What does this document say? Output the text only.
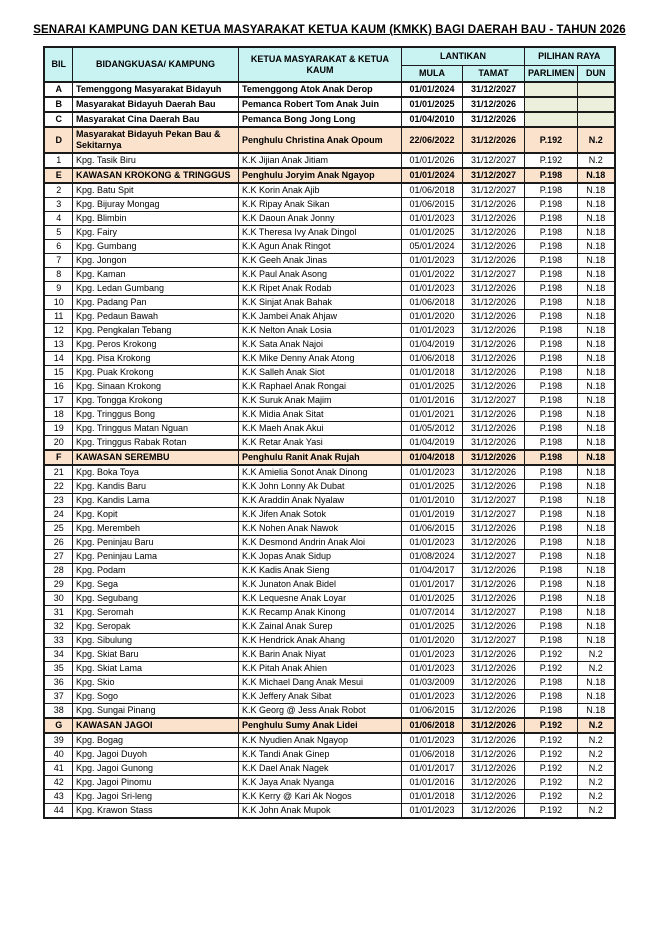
SENARAI KAMPUNG DAN KETUA MASYARAKAT KETUA KAUM (KMKK) BAGI DAERAH BAU - TAHUN 2026
BIL	BIDANGKUASA/ KAMPUNG	KETUA MASYARAKAT & KETUA KAUM	LANTIKAN		PILIHAN RAYA	
			MULA	TAMAT	PARLIMEN	DUN
A	Temenggong Masyarakat Bidayuh	Temenggong Atok Anak Derop	01/01/2024	31/12/2027		
B	Masyarakat Bidayuh Daerah Bau	Pemanca Robert Tom Anak Juin	01/01/2025	31/12/2026		
C	Masyarakat Cina Daerah Bau	Pemanca Bong Jong Long	01/04/2010	31/12/2026		
D	Masyarakat Bidayuh Pekan Bau & Sekitarnya	Penghulu Christina Anak Opoum	22/06/2022	31/12/2026	P.192	N.2
1	Kpg. Tasik Biru	K.K Jijian Anak Jitiam	01/01/2026	31/12/2027	P.192	N.2
E	KAWASAN KROKONG & TRINGGUS	Penghulu Joryim Anak Ngayop	01/01/2024	31/12/2027	P.198	N.18
2	Kpg. Batu Spit	K.K Korin Anak Ajib	01/06/2018	31/12/2027	P.198	N.18
3	Kpg. Bijuray Mongag	K.K Ripay Anak Sikan	01/06/2015	31/12/2026	P.198	N.18
4	Kpg. Blimbin	K.K Daoun Anak Jonny	01/01/2023	31/12/2026	P.198	N.18
5	Kpg. Fairy	K.K Theresa Ivy Anak Dingol	01/01/2025	31/12/2026	P.198	N.18
6	Kpg. Gumbang	K.K Agun Anak Ringot	05/01/2024	31/12/2026	P.198	N.18
7	Kpg. Jongon	K.K Geeh Anak Jinas	01/01/2023	31/12/2026	P.198	N.18
8	Kpg. Kaman	K.K Paul Anak Asong	01/01/2022	31/12/2027	P.198	N.18
9	Kpg. Ledan Gumbang	K.K Ripet Anak Rodab	01/01/2023	31/12/2026	P.198	N.18
10	Kpg. Padang Pan	K.K Sinjat Anak Bahak	01/06/2018	31/12/2026	P.198	N.18
11	Kpg. Pedaun Bawah	K.K Jambei Anak Ahjaw	01/01/2020	31/12/2026	P.198	N.18
12	Kpg. Pengkalan Tebang	K.K Nelton Anak Losia	01/01/2023	31/12/2026	P.198	N.18
13	Kpg. Peros Krokong	K.K Sata Anak Najoi	01/04/2019	31/12/2026	P.198	N.18
14	Kpg. Pisa Krokong	K.K Mike Denny Anak Atong	01/06/2018	31/12/2026	P.198	N.18
15	Kpg. Puak Krokong	K.K Salleh Anak Siot	01/01/2018	31/12/2026	P.198	N.18
16	Kpg. Sinaan Krokong	K.K Raphael Anak Rongai	01/01/2025	31/12/2026	P.198	N.18
17	Kpg. Tongga Krokong	K.K Suruk Anak Majim	01/01/2016	31/12/2027	P.198	N.18
18	Kpg. Tringgus Bong	K.K Midia Anak Sitat	01/01/2021	31/12/2026	P.198	N.18
19	Kpg. Tringgus Matan Nguan	K.K Maeh Anak Akui	01/05/2012	31/12/2026	P.198	N.18
20	Kpg. Tringgus Rabak Rotan	K.K Retar Anak Yasi	01/04/2019	31/12/2026	P.198	N.18
F	KAWASAN SEREMBU	Penghulu Ranit Anak Rujah	01/04/2018	31/12/2026	P.198	N.18
21	Kpg. Boka Toya	K.K Amielia Sonot Anak Dinong	01/01/2023	31/12/2026	P.198	N.18
22	Kpg. Kandis Baru	K.K John Lonny Ak Dubat	01/01/2025	31/12/2026	P.198	N.18
23	Kpg. Kandis Lama	K.K Araddin Anak Nyalaw	01/01/2010	31/12/2027	P.198	N.18
24	Kpg. Kopit	K.K Jifen Anak Sotok	01/01/2019	31/12/2027	P.198	N.18
25	Kpg. Merembeh	K.K Nohen Anak Nawok	01/06/2015	31/12/2026	P.198	N.18
26	Kpg. Peninjau Baru	K.K Desmond Andrin Anak Aloi	01/01/2023	31/12/2026	P.198	N.18
27	Kpg. Peninjau Lama	K.K Jopas Anak Sidup	01/08/2024	31/12/2027	P.198	N.18
28	Kpg. Podam	K.K Kadis Anak Sieng	01/04/2017	31/12/2026	P.198	N.18
29	Kpg. Sega	K.K Junaton Anak Bidel	01/01/2017	31/12/2026	P.198	N.18
30	Kpg. Segubang	K.K Lequesne Anak Loyar	01/01/2025	31/12/2026	P.198	N.18
31	Kpg. Seromah	K.K Recamp Anak Kinong	01/07/2014	31/12/2027	P.198	N.18
32	Kpg. Seropak	K.K Zainal Anak Surep	01/01/2025	31/12/2026	P.198	N.18
33	Kpg. Sibulung	K.K Hendrick Anak Ahang	01/01/2020	31/12/2027	P.198	N.18
34	Kpg. Skiat Baru	K.K Barin Anak Niyat	01/01/2023	31/12/2026	P.192	N.2
35	Kpg. Skiat Lama	K.K Pitah Anak Ahien	01/01/2023	31/12/2026	P.192	N.2
36	Kpg. Skio	K.K Michael Dang Anak Mesui	01/03/2009	31/12/2026	P.198	N.18
37	Kpg. Sogo	K.K Jeffery Anak Sibat	01/01/2023	31/12/2026	P.198	N.18
38	Kpg. Sungai Pinang	K.K Georg @ Jess Anak Robot	01/06/2015	31/12/2026	P.198	N.18
G	KAWASAN JAGOI	Penghulu Sumy Anak Lidei	01/06/2018	31/12/2026	P.192	N.2
39	Kpg. Bogag	K.K Nyudien Anak Ngayop	01/01/2023	31/12/2026	P.192	N.2
40	Kpg. Jagoi Duyoh	K.K Tandi Anak Ginep	01/06/2018	31/12/2026	P.192	N.2
41	Kpg. Jagoi Gunong	K.K Dael Anak Nagek	01/01/2017	31/12/2026	P.192	N.2
42	Kpg. Jagoi Pinomu	K.K Jaya Anak Nyanga	01/01/2016	31/12/2026	P.192	N.2
43	Kpg. Jagoi Sri-leng	K.K Kerry @ Kari Ak Nogos	01/01/2018	31/12/2026	P.192	N.2
44	Kpg. Krawon Stass	K.K John Anak Mupok	01/01/2023	31/12/2026	P.192	N.2
